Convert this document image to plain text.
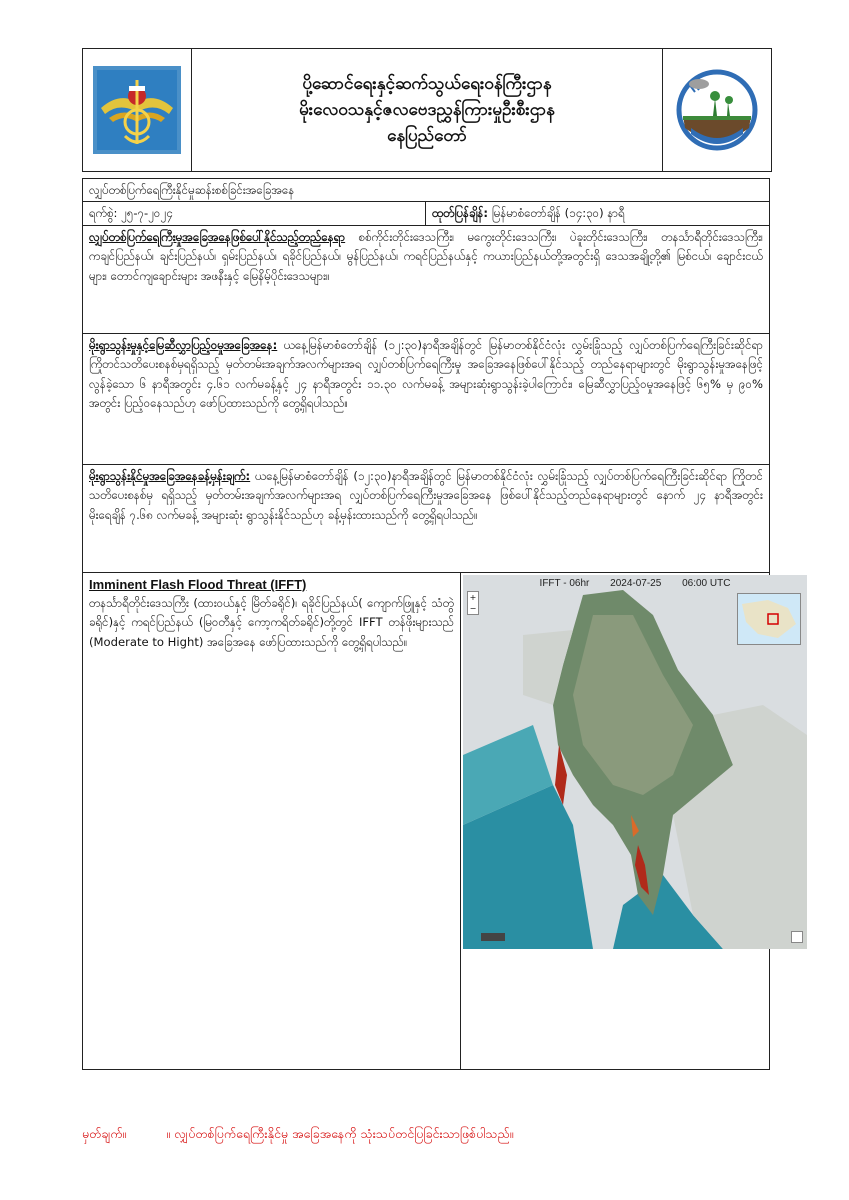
ပို့ဆောင်ရေးနှင့်ဆက်သွယ်ရေးဝန်ကြီးဌာန
မိုးလေဝသနှင့်ဇလဗေဒညွှန်ကြားမှုဦးစီးဌာန
နေပြည်တော်
လျှပ်တစ်ပြက်ရေကြီးနိုင်မှုဆန်းစစ်ခြင်းအခြေအနေ
ရက်စွဲ: ၂၅-၇-၂၀၂၄	ထုတ်ပြန်ချိန်: မြန်မာစံတော်ချိန် (၁၄:၃၀) နာရီ
လျှပ်တစ်ပြက်ရေကြီးမှုအခြေအနေဖြစ်ပေါ်နိုင်သည့်တည်နေရာ စစ်ကိုင်းတိုင်းဒေသကြီး၊ မကွေးတိုင်းဒေသကြီး၊ ပဲခူးတိုင်းဒေသကြီး၊ တနင်္သာရီတိုင်းဒေသကြီး၊ ကချင်ပြည်နယ်၊ ချင်းပြည်နယ်၊ ရှမ်းပြည်နယ်၊ ရခိုင်ပြည်နယ်၊ မွန်ပြည်နယ်၊ ကရင်ပြည်နယ်နှင့် ကယားပြည်နယ်တို့အတွင်းရှိ ဒေသအချို့တို့၏ မြစ်ငယ်၊ ချောင်းငယ်များ၊ တောင်ကျချောင်းများ အဖနီးနှင့် မြေနိမ့်ပိုင်းဒေသများ။
မိုးရွာသွန်းမှုနှင့်မြေဆီလွှာပြည့်ဝမှုအခြေအနေ: ယနေ့မြန်မာစံတော်ချိန် (၁၂:၃၀)နာရီအချိန်တွင် မြန်မာတစ်နိုင်ငံလုံး လွှမ်းခြုံသည့် လျှပ်တစ်ပြက်ရေကြီးခြင်းဆိုင်ရာ ကြိုတင်သတိပေးစနစ်မှရရှိသည့် မှတ်တမ်းအချက်အလက်များအရ လျှပ်တစ်ပြက်ရေကြီးမှု အခြေအနေဖြစ်ပေါ်နိုင်သည့် တည်နေရာများတွင် မိုးရွာသွန်းမှုအနေဖြင့် လွန်ခဲ့သော ၆ နာရီအတွင်း ၄.၆၁ လက်မခန့်နှင့် ၂၄ နာရီအတွင်း ၁၁.၃၀ လက်မခန့် အများဆုံးရွာသွန်းခဲ့ပါကြောင်း၊ မြေဆီလွှာပြည့်ဝမှုအနေဖြင့် ၆၅% မှ ၉၀% အတွင်း ပြည့်ဝနေသည်ဟု ဖော်ပြထားသည်ကို တွေ့ရှိရပါသည်။
မိုးရွာသွန်းနိုင်မှုအခြေအနေခန့်မှန်းချက်: ယနေ့မြန်မာစံတော်ချိန် (၁၂:၃၀)နာရီအချိန်တွင် မြန်မာတစ်နိုင်ငံလုံး လွှမ်းခြုံသည့် လျှပ်တစ်ပြက်ရေကြီးခြင်းဆိုင်ရာ ကြိုတင်သတိပေးစနစ်မှ ရရှိသည့် မှတ်တမ်းအချက်အလက်များအရ လျှပ်တစ်ပြက်ရေကြီးမှုအခြေအနေ ဖြစ်ပေါ်နိုင်သည့်တည်နေရာများတွင် နောက် ၂၄ နာရီအတွင်း မိုးရေချိန် ၇.၆၈ လက်မခန့် အများဆုံး ရွာသွန်းနိုင်သည်ဟု ခန့်မှန်းထားသည်ကို တွေ့ရှိရပါသည်။
Imminent Flash Flood Threat (IFFT)
တနင်္သာရီတိုင်းဒေသကြီး (ထားဝယ်နှင့် မြိတ်ခရိုင်)၊ ရခိုင်ပြည်နယ်( ကျောက်ဖြူနှင့် သံတွဲခရိုင်)နှင့် ကရင်ပြည်နယ် (မြဝတီနှင့် ကော့ကရိတ်ခရိုင်)တို့တွင် IFFT တန်ဖိုးများသည် (Moderate to Hight) အခြေအနေ ဖော်ပြထားသည်ကို တွေ့ရှိရပါသည်။
IFFT - 06hr 2024-07-25 06:00 UTC
+
−
မှတ်ချက်။	။ လျှပ်တစ်ပြက်ရေကြီးနိုင်မှု အခြေအနေကို သုံးသပ်တင်ပြခြင်းသာဖြစ်ပါသည်။
